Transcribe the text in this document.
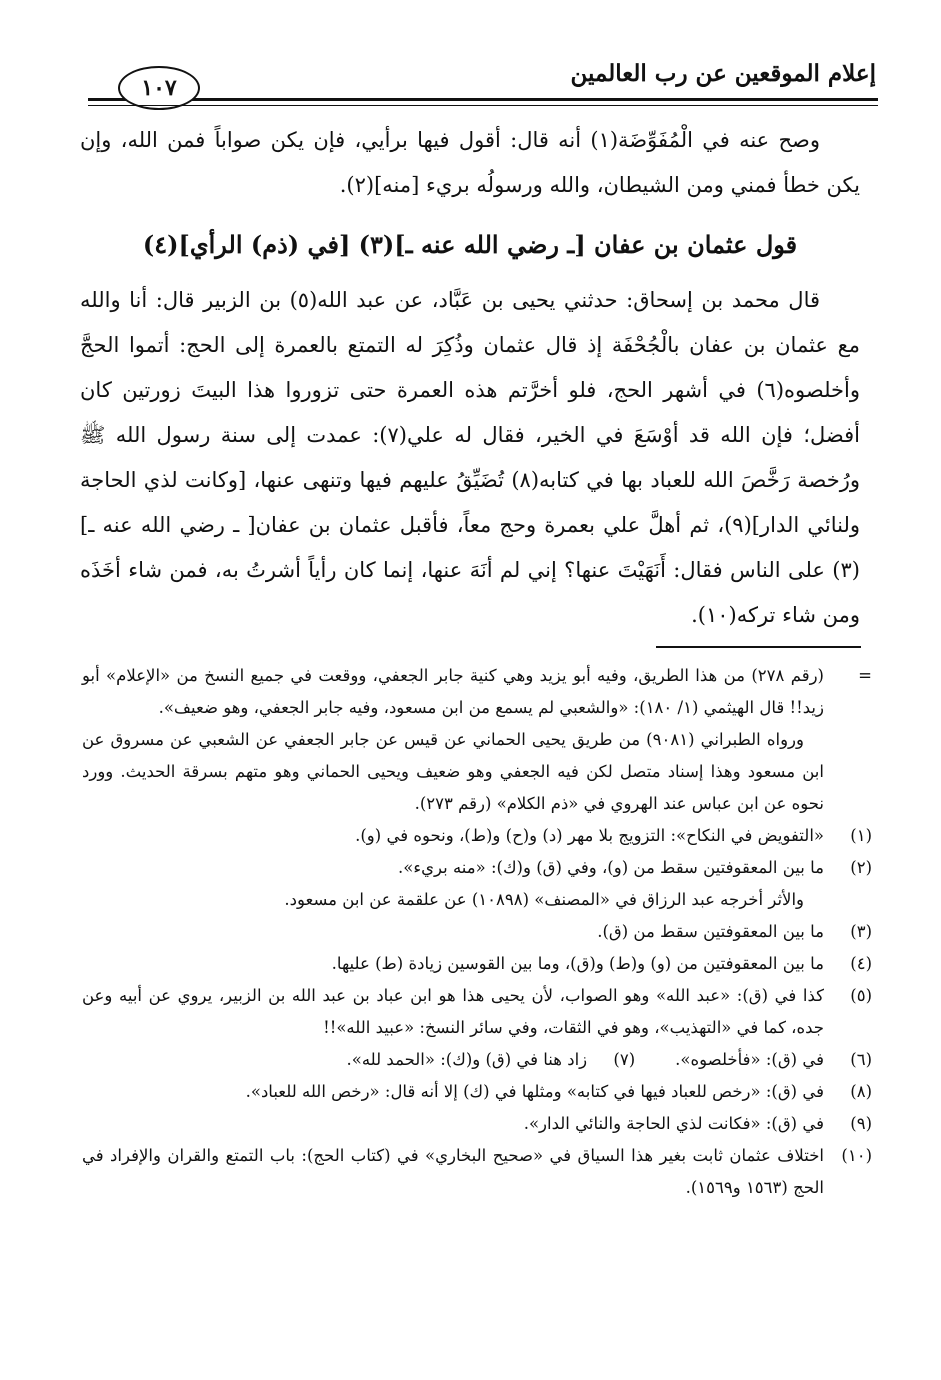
إعلام الموقعين عن رب العالمين
١٠٧

وصح عنه في الْمُفَوِّضَة(١) أنه قال: أقول فيها برأيي، فإن يكن صواباً فمن الله، وإن يكن خطأ فمني ومن الشيطان، والله ورسولُه بريء [منه](٢).

قول عثمان بن عفان [ـ رضي الله عنه ـ](٣) [في (ذم) الرأي](٤)

قال محمد بن إسحاق: حدثني يحيى بن عَبَّاد، عن عبد الله(٥) بن الزبير قال: أنا والله مع عثمان بن عفان بالْجُحْفَة إذ قال عثمان وذُكِرَ له التمتع بالعمرة إلى الحج: أتموا الحجَّ وأخلصوه(٦) في أشهر الحج، فلو أخرَّتم هذه العمرة حتى تزوروا هذا البيتَ زورتين كان أفضل؛ فإن الله قد أوْسَعَ في الخير، فقال له علي(٧): عمدت إلى سنة رسول الله ﷺ ورُخصة رَخَّصَ الله للعباد بها في كتابه(٨) تُضَيِّقُ عليهم فيها وتنهى عنها، [وكانت لذي الحاجة ولنائي الدار](٩)، ثم أهلَّ علي بعمرة وحج معاً، فأقبل عثمان بن عفان[ ـ رضي الله عنه ـ](٣) على الناس فقال: أَنَهَيْتَ عنها؟ إني لم أنَهَ عنها، إنما كان رأياً أشرتُ به، فمن شاء أخَذَه ومن شاء تركه(١٠).

=
(رقم ٢٧٨) من هذا الطريق، وفيه أبو يزيد وهي كنية جابر الجعفي، ووقعت في جميع النسخ من «الإعلام» أبو زيد!! قال الهيثمي (١/ ١٨٠): «والشعبي لم يسمع من ابن مسعود، وفيه جابر الجعفي، وهو ضعيف».
ورواه الطبراني (٩٠٨١) من طريق يحيى الحماني عن قيس عن جابر الجعفي عن الشعبي عن مسروق عن ابن مسعود وهذا إسناد متصل لكن فيه الجعفي وهو ضعيف ويحيى الحماني وهو متهم بسرقة الحديث. وورد نحوه عن ابن عباس عند الهروي في «ذم الكلام» (رقم ٢٧٣).
(١)
«التفويض في النكاح»: التزويج بلا مهر (د) و(ح) و(ط)، ونحوه في (و).
(٢)
ما بين المعقوفتين سقط من (و)، وفي (ق) و(ك): «منه بريء».
والأثر أخرجه عبد الرزاق في «المصنف» (١٠٨٩٨) عن علقمة عن ابن مسعود.
(٣)
ما بين المعقوفتين سقط من (ق).
(٤)
ما بين المعقوفتين من (و) و(ط) و(ق)، وما بين القوسين زيادة (ط) عليها.
(٥)
كذا في (ق): «عبد الله» وهو الصواب، لأن يحيى هذا هو ابن عباد بن عبد الله بن الزبير، يروي عن أبيه وعن جده، كما في «التهذيب»، وهو في الثقات، وفي سائر النسخ: «عبيد الله»!!
(٦)
في (ق): «فأخلصوه».
(٧)
زاد هنا في (ق) و(ك): «الحمد لله».
(٨)
في (ق): «رخص للعباد فيها في كتابه» ومثلها في (ك) إلا أنه قال: «رخص الله للعباد».
(٩)
في (ق): «فكانت لذي الحاجة والنائي الدار».
(١٠)
اختلاف عثمان ثابت بغير هذا السياق في «صحيح البخاري» في (كتاب الحج): باب التمتع والقران والإفراد في الحج (١٥٦٣ و١٥٦٩).
